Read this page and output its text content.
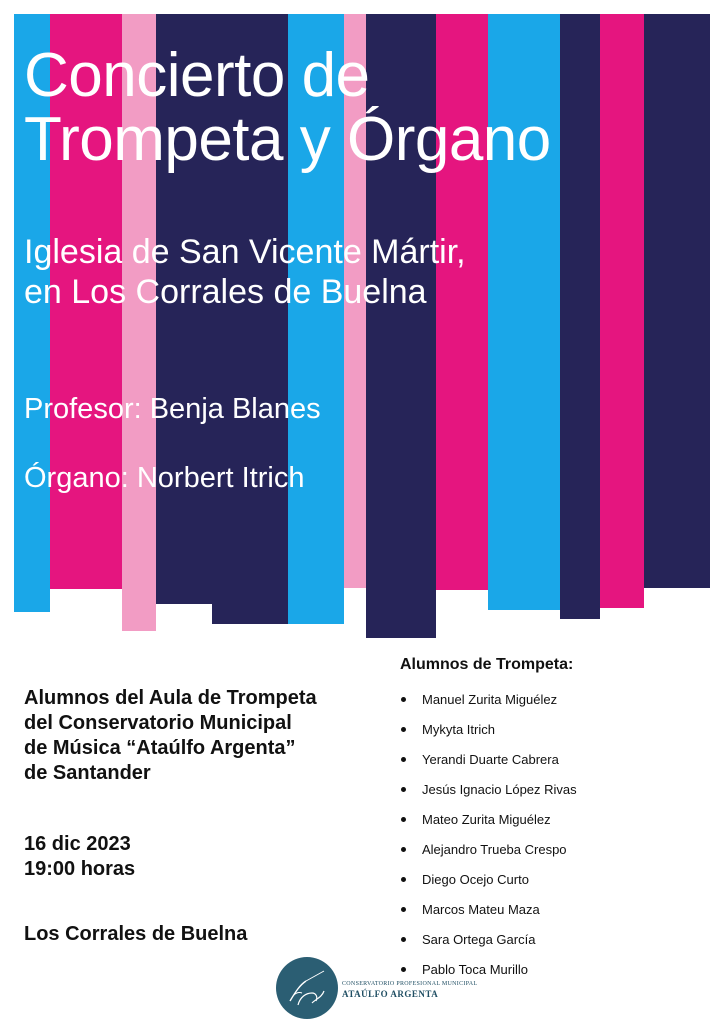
Concierto de
Trompeta y Órgano
Iglesia de San Vicente Mártir,
en Los Corrales de Buelna

Profesor: Benja Blanes

Órgano: Norbert Itrich

Alumnos del Aula de Trompeta
del Conservatorio Municipal
de Música “Ataúlfo Argenta”
de Santander

16 dic 2023
19:00 horas

Los Corrales de Buelna

Alumnos de Trompeta:

Manuel Zurita Miguélez
Mykyta Itrich
Yerandi Duarte Cabrera
Jesús Ignacio López Rivas
Mateo Zurita Miguélez
Alejandro Trueba Crespo
Diego Ocejo Curto
Marcos Mateu Maza
Sara Ortega García
Pablo Toca Murillo
CONSERVATORIO PROFESIONAL MUNICIPAL
ATAÚLFO ARGENTA
